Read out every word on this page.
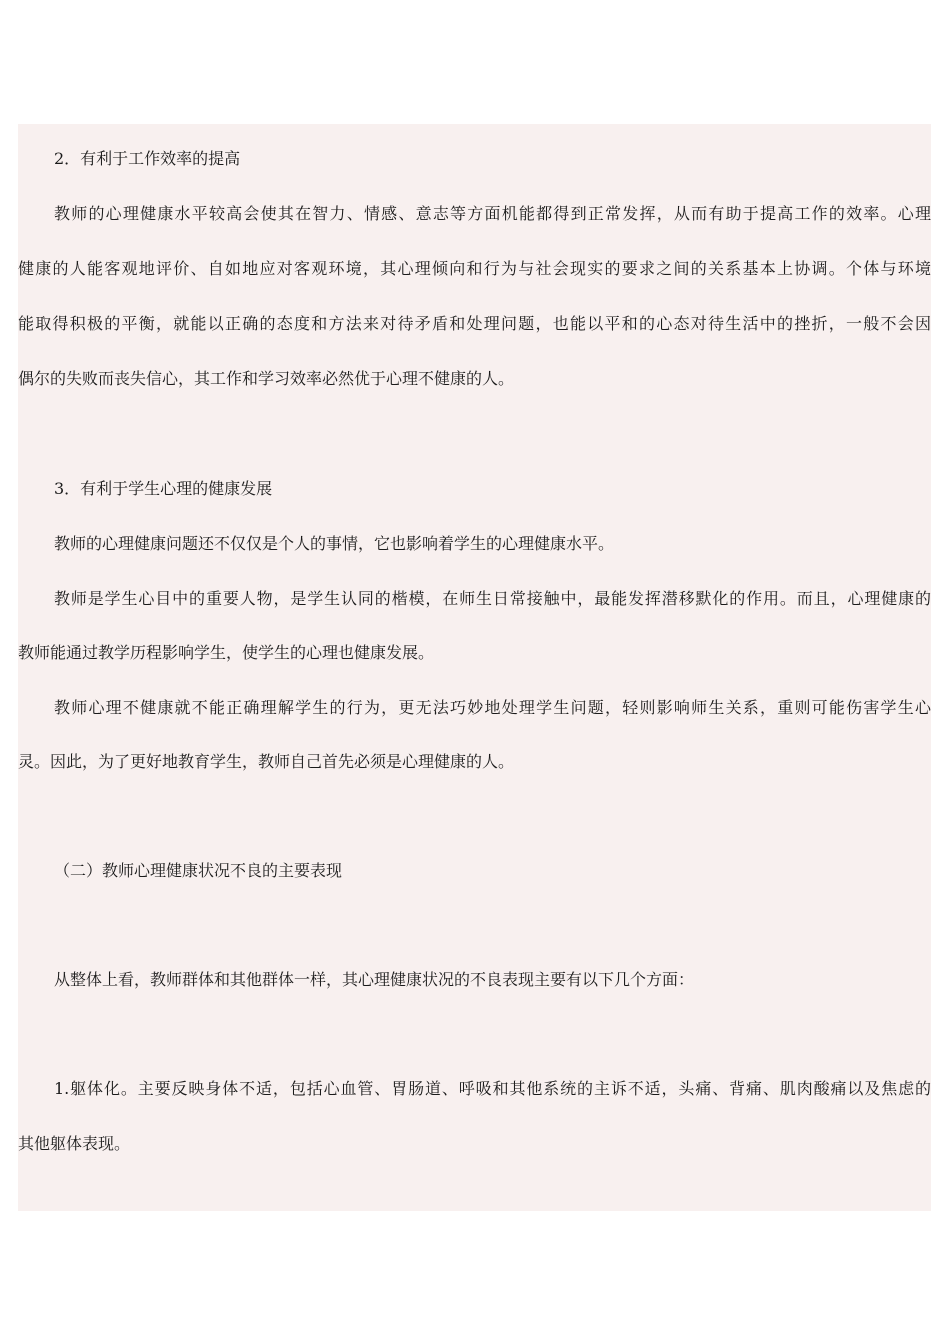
2．有利于工作效率的提高
教师的心理健康水平较高会使其在智力、情感、意志等方面机能都得到正常发挥，从而有助于提高工作的效率。心理
健康的人能客观地评价、自如地应对客观环境，其心理倾向和行为与社会现实的要求之间的关系基本上协调。个体与环境
能取得积极的平衡，就能以正确的态度和方法来对待矛盾和处理问题，也能以平和的心态对待生活中的挫折，一般不会因
偶尔的失败而丧失信心，其工作和学习效率必然优于心理不健康的人。
3．有利于学生心理的健康发展
教师的心理健康问题还不仅仅是个人的事情，它也影响着学生的心理健康水平。
教师是学生心目中的重要人物，是学生认同的楷模，在师生日常接触中，最能发挥潜移默化的作用。而且，心理健康的
教师能通过教学历程影响学生，使学生的心理也健康发展。
教师心理不健康就不能正确理解学生的行为，更无法巧妙地处理学生问题，轻则影响师生关系，重则可能伤害学生心
灵。因此，为了更好地教育学生，教师自己首先必须是心理健康的人。
（二）教师心理健康状况不良的主要表现
从整体上看，教师群体和其他群体一样，其心理健康状况的不良表现主要有以下几个方面：
1.躯体化。主要反映身体不适，包括心血管、胃肠道、呼吸和其他系统的主诉不适，头痛、背痛、肌肉酸痛以及焦虑的
其他躯体表现。
